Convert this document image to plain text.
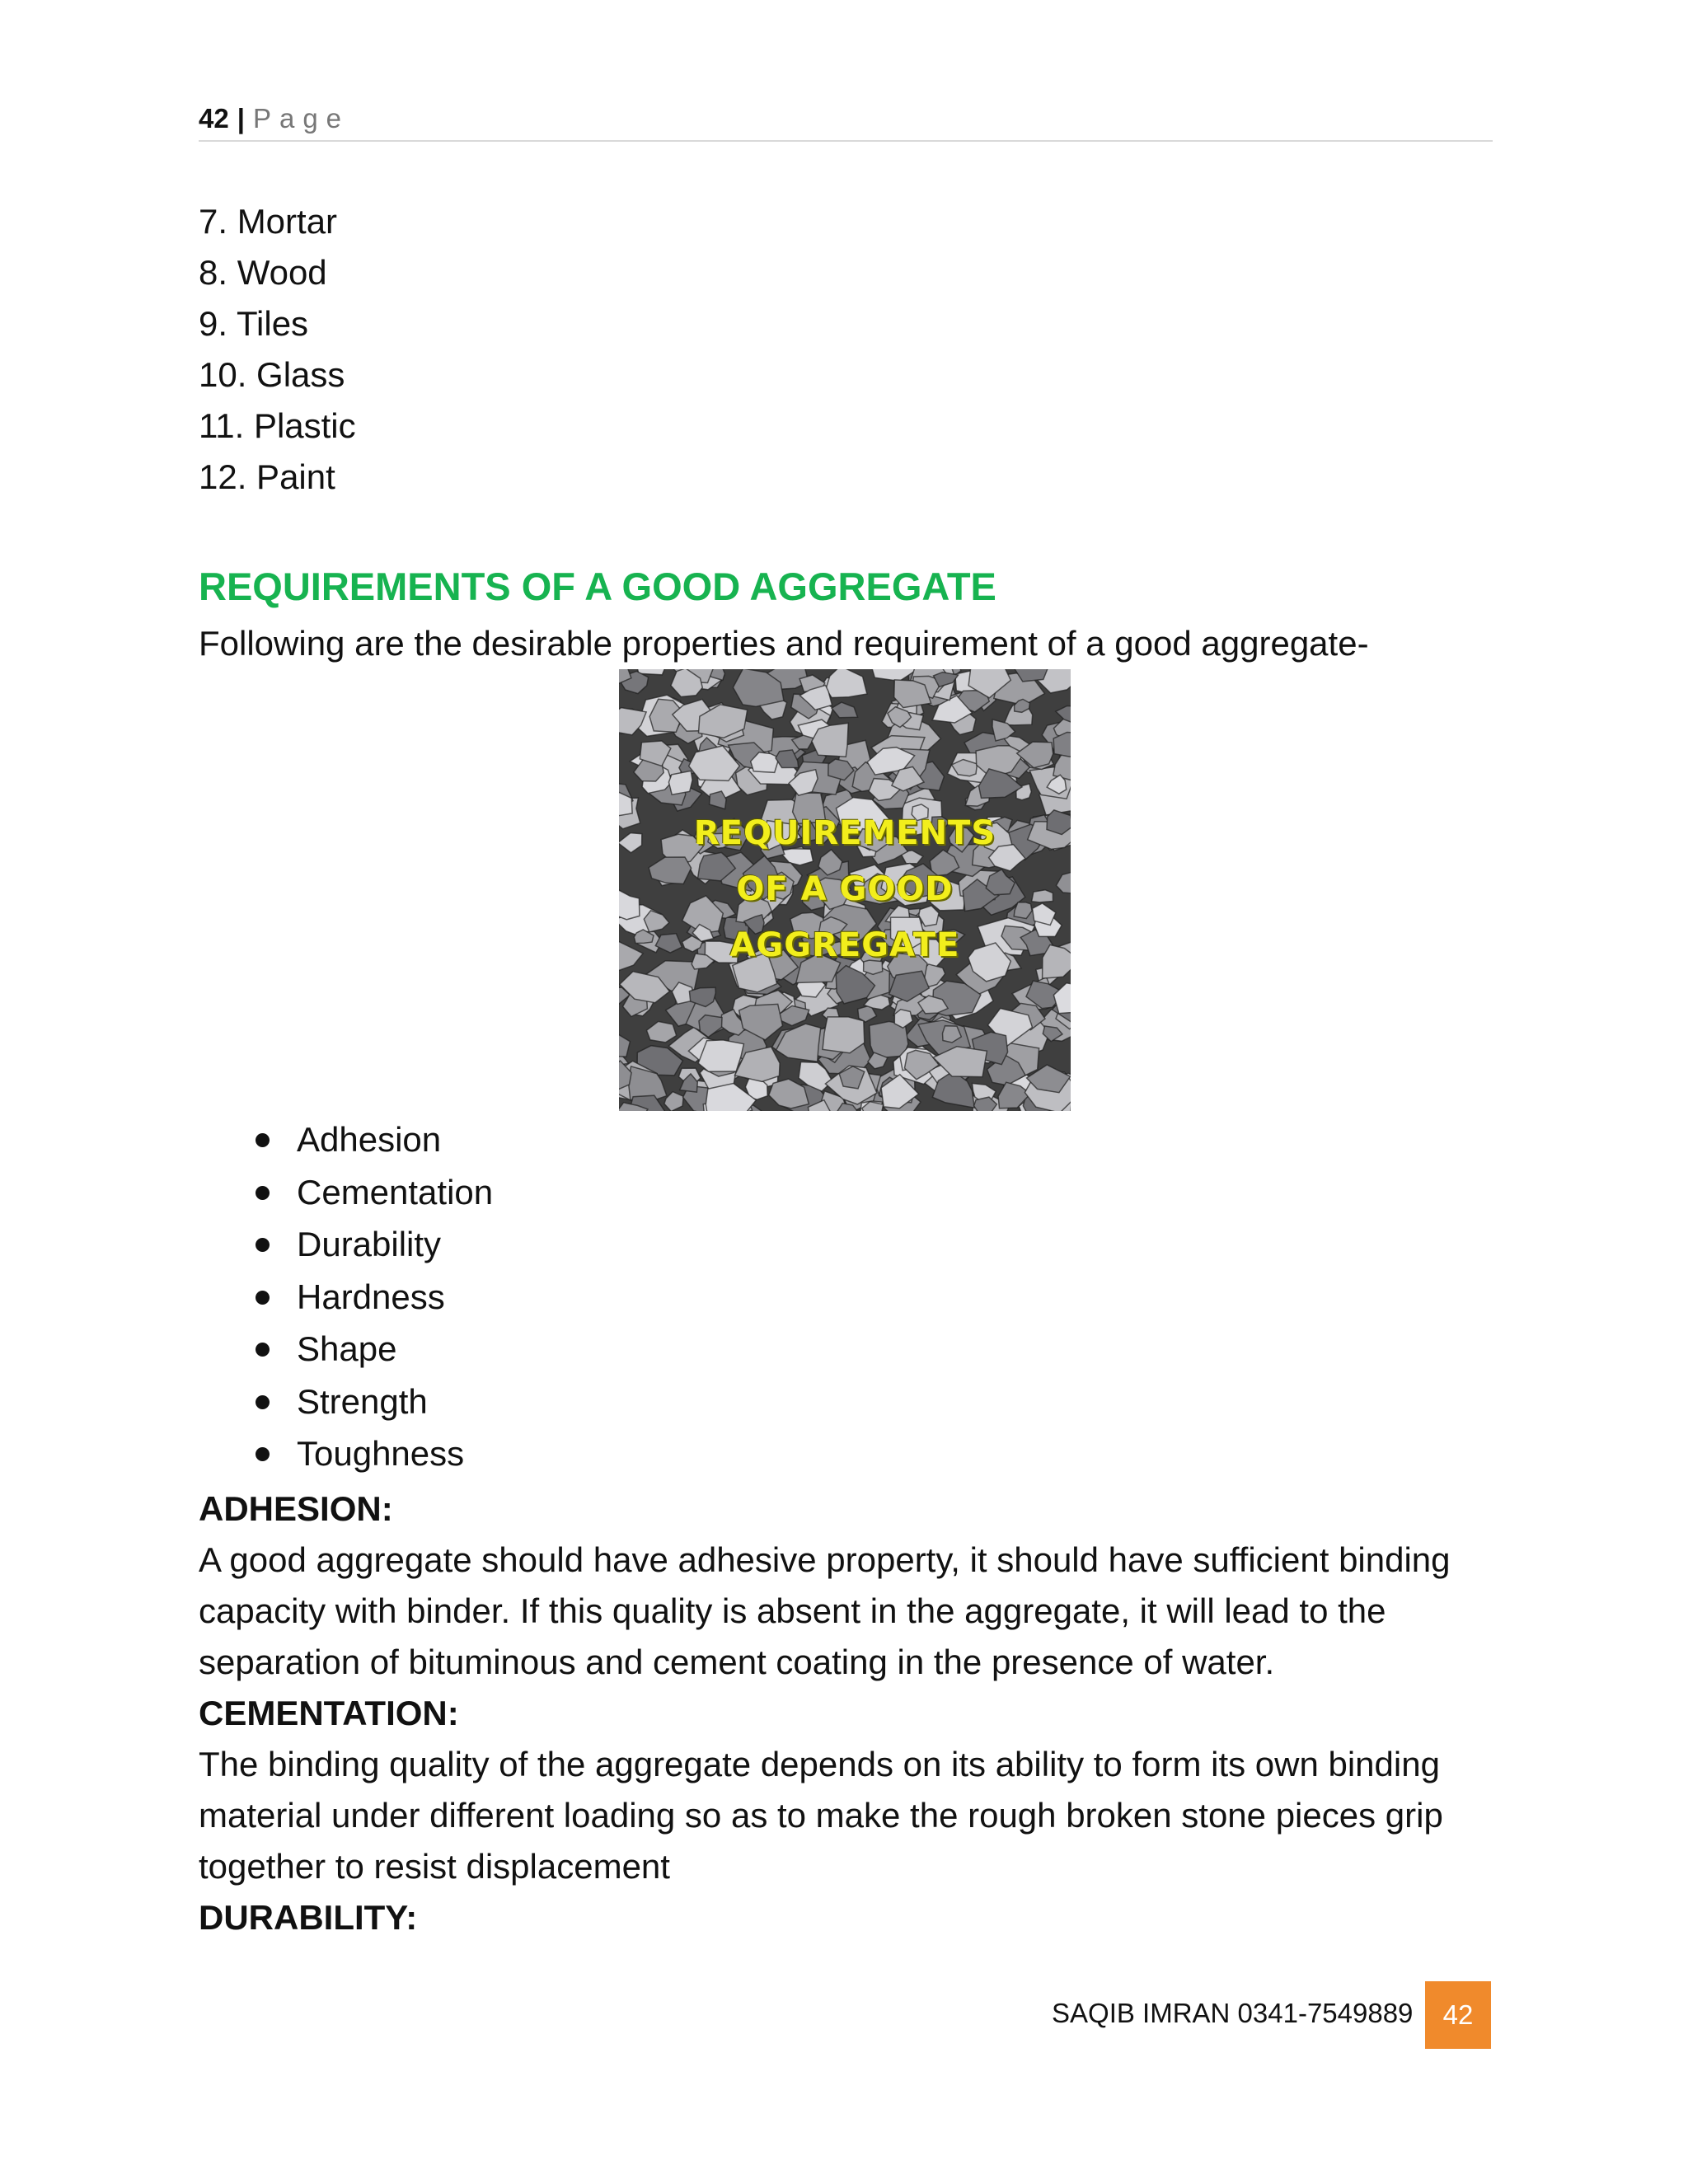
42 | Page
7. Mortar
8. Wood
9. Tiles
10. Glass
11. Plastic
12. Paint
REQUIREMENTS OF A GOOD AGGREGATE

Following are the desirable properties and requirement of a good aggregate-

REQUIREMENTS
OF A GOOD
AGGREGATE
Adhesion
Cementation
Durability
Hardness
Shape
Strength
Toughness
ADHESION:
A good aggregate should have adhesive property, it should have sufficient binding
capacity with binder. If this quality is absent in the aggregate, it will lead to the
separation of bituminous and cement coating in the presence of water.
CEMENTATION:
The binding quality of the aggregate depends on its ability to form its own binding
material under different loading so as to make the rough broken stone pieces grip
together to resist displacement
DURABILITY:
SAQIB IMRAN 0341-7549889	42
